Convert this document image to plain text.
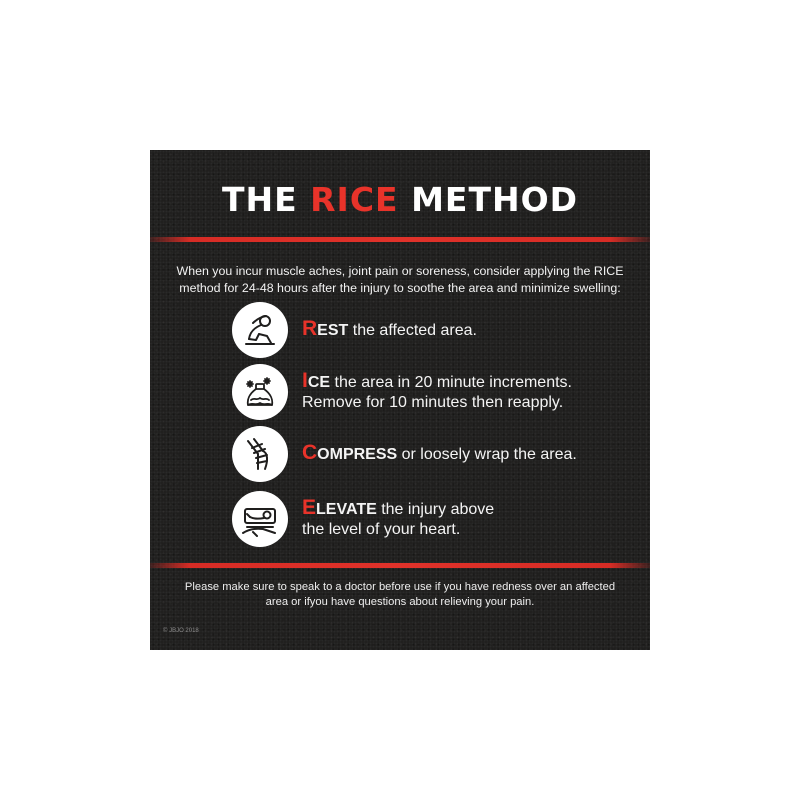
THE RICE METHOD
When you incur muscle aches, joint pain or soreness, consider applying the RICE method for 24-48 hours after the injury to soothe the area and minimize swelling:
REST the affected area.
ICE the area in 20 minute increments.
Remove for 10 minutes then reapply.
COMPRESS or loosely wrap the area.
ELEVATE the injury above
the level of your heart.
Please make sure to speak to a doctor before use if you have redness over an affected area or ifyou have questions about relieving your pain.
© JBJO 2018
